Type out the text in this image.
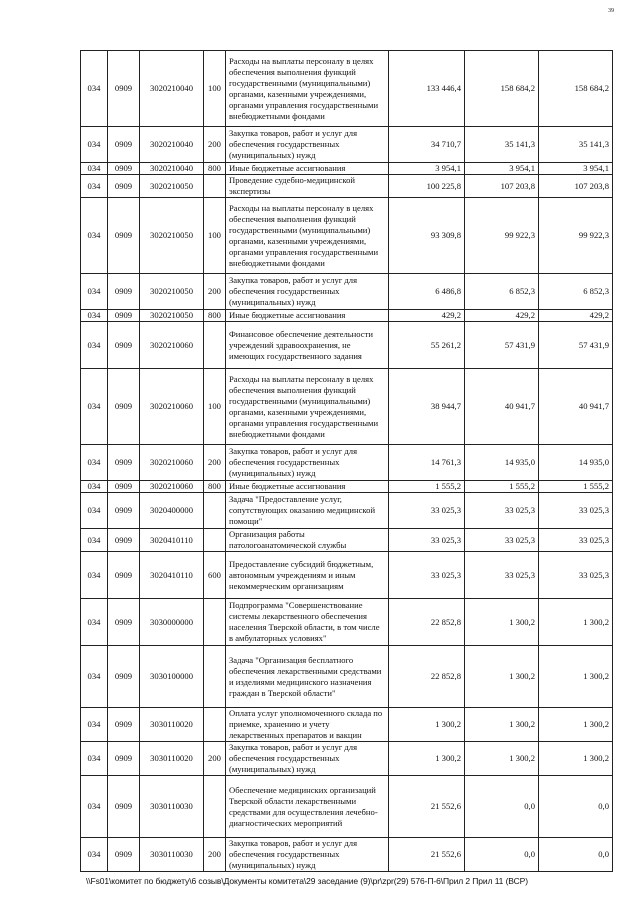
39
034	0909	3020210040	100	Расходы на выплаты персоналу в целях обеспечения выполнения функций государственными (муниципальными) органами, казенными учреждениями, органами управления государственными внебюджетными фондами	133 446,4	158 684,2	158 684,2
034	0909	3020210040	200	Закупка товаров, работ и услуг для обеспечения государственных (муниципальных) нужд	34 710,7	35 141,3	35 141,3
034	0909	3020210040	800	Иные бюджетные ассигнования	3 954,1	3 954,1	3 954,1
034	0909	3020210050		Проведение судебно-медицинской экспертизы	100 225,8	107 203,8	107 203,8
034	0909	3020210050	100	Расходы на выплаты персоналу в целях обеспечения выполнения функций государственными (муниципальными) органами, казенными учреждениями, органами управления государственными внебюджетными фондами	93 309,8	99 922,3	99 922,3
034	0909	3020210050	200	Закупка товаров, работ и услуг для обеспечения государственных (муниципальных) нужд	6 486,8	6 852,3	6 852,3
034	0909	3020210050	800	Иные бюджетные ассигнования	429,2	429,2	429,2
034	0909	3020210060		Финансовое обеспечение деятельности учреждений здравоохранения, не имеющих государственного задания	55 261,2	57 431,9	57 431,9
034	0909	3020210060	100	Расходы на выплаты персоналу в целях обеспечения выполнения функций государственными (муниципальными) органами, казенными учреждениями, органами управления государственными внебюджетными фондами	38 944,7	40 941,7	40 941,7
034	0909	3020210060	200	Закупка товаров, работ и услуг для обеспечения государственных (муниципальных) нужд	14 761,3	14 935,0	14 935,0
034	0909	3020210060	800	Иные бюджетные ассигнования	1 555,2	1 555,2	1 555,2
034	0909	3020400000		Задача "Предоставление услуг, сопутствующих оказанию медицинской помощи"	33 025,3	33 025,3	33 025,3
034	0909	3020410110		Организация работы патологоанатомической службы	33 025,3	33 025,3	33 025,3
034	0909	3020410110	600	Предоставление субсидий бюджетным, автономным учреждениям и иным некоммерческим организациям	33 025,3	33 025,3	33 025,3
034	0909	3030000000		Подпрограмма "Совершенствование системы лекарственного обеспечения населения Тверской области, в том числе в амбулаторных условиях"	22 852,8	1 300,2	1 300,2
034	0909	3030100000		Задача "Организация бесплатного обеспечения лекарственными средствами и изделиями медицинского назначения граждан в Тверской области"	22 852,8	1 300,2	1 300,2
034	0909	3030110020		Оплата услуг уполномоченного склада по приемке, хранению и учету лекарственных препаратов и вакцин	1 300,2	1 300,2	1 300,2
034	0909	3030110020	200	Закупка товаров, работ и услуг для обеспечения государственных (муниципальных) нужд	1 300,2	1 300,2	1 300,2
034	0909	3030110030		Обеспечение медицинских организаций Тверской области лекарственными средствами для осуществления лечебно-диагностических мероприятий	21 552,6	0,0	0,0
034	0909	3030110030	200	Закупка товаров, работ и услуг для обеспечения государственных (муниципальных) нужд	21 552,6	0,0	0,0
\\Fs01\комитет по бюджету\6 созыв\Документы комитета\29 заседание (9)\pr\zpr(29) 576-П-6\Прил 2 Прил 11 (ВСР)
